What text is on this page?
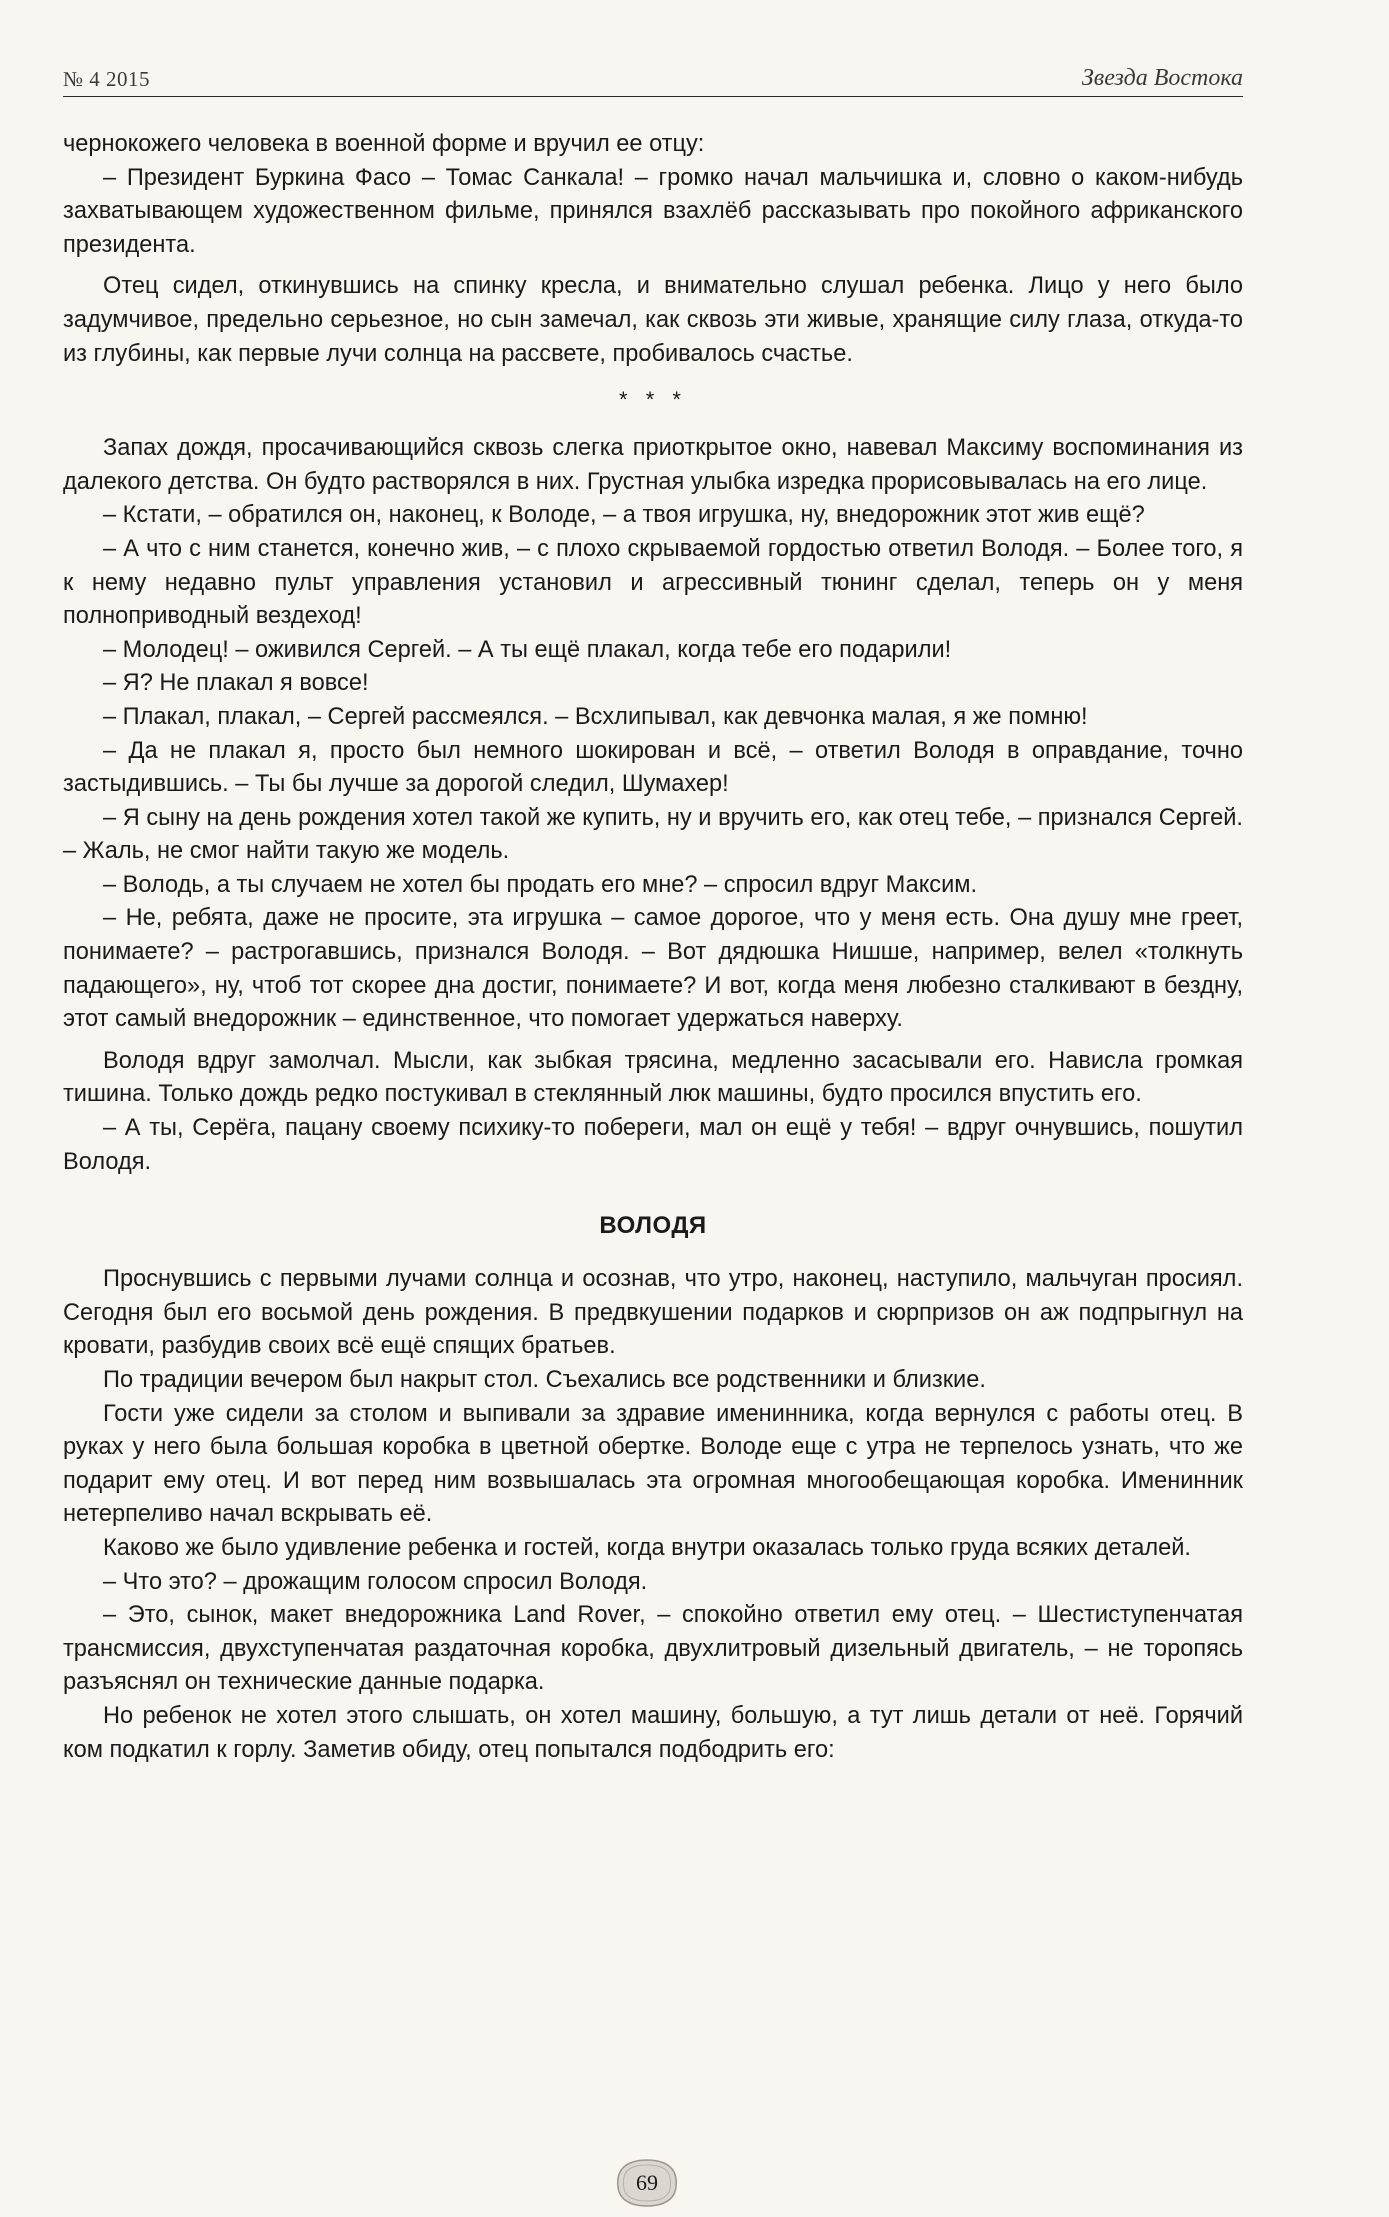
№ 4 2015	Звезда Востока

чернокожего человека в военной форме и вручил ее отцу:

– Президент Буркина Фасо – Томас Санкала! – громко начал мальчишка и, словно о каком-нибудь захватывающем художественном фильме, принялся взахлёб рассказывать про покойного африканского президента.

Отец сидел, откинувшись на спинку кресла, и внимательно слушал ребенка. Лицо у него было задумчивое, предельно серьезное, но сын замечал, как сквозь эти живые, хранящие силу глаза, откуда-то из глубины, как первые лучи солнца на рассвете, пробивалось счастье.

* * *

Запах дождя, просачивающийся сквозь слегка приоткрытое окно, навевал Максиму воспоминания из далекого детства. Он будто растворялся в них. Грустная улыбка изредка прорисовывалась на его лице.

– Кстати, – обратился он, наконец, к Володе, – а твоя игрушка, ну, внедорожник этот жив ещё?

– А что с ним станется, конечно жив, – с плохо скрываемой гордостью ответил Володя. – Более того, я к нему недавно пульт управления установил и агрессивный тюнинг сделал, теперь он у меня полноприводный вездеход!

– Молодец! – оживился Сергей. – А ты ещё плакал, когда тебе его подарили!

– Я? Не плакал я вовсе!

– Плакал, плакал, – Сергей рассмеялся. – Всхлипывал, как девчонка малая, я же помню!

– Да не плакал я, просто был немного шокирован и всё, – ответил Володя в оправдание, точно застыдившись. – Ты бы лучше за дорогой следил, Шумахер!

– Я сыну на день рождения хотел такой же купить, ну и вручить его, как отец тебе, – признался Сергей. – Жаль, не смог найти такую же модель.

– Володь, а ты случаем не хотел бы продать его мне? – спросил вдруг Максим.

– Не, ребята, даже не просите, эта игрушка – самое дорогое, что у меня есть. Она душу мне греет, понимаете? – растрогавшись, признался Володя. – Вот дядюшка Нишше, например, велел «толкнуть падающего», ну, чтоб тот скорее дна достиг, понимаете? И вот, когда меня любезно сталкивают в бездну, этот самый внедорожник – единственное, что помогает удержаться наверху.

Володя вдруг замолчал. Мысли, как зыбкая трясина, медленно засасывали его. Нависла громкая тишина. Только дождь редко постукивал в стеклянный люк машины, будто просился впустить его.

– А ты, Серёга, пацану своему психику-то побереги, мал он ещё у тебя! – вдруг очнувшись, пошутил Володя.

ВОЛОДЯ

Проснувшись с первыми лучами солнца и осознав, что утро, наконец, наступило, мальчуган просиял. Сегодня был его восьмой день рождения. В предвкушении подарков и сюрпризов он аж подпрыгнул на кровати, разбудив своих всё ещё спящих братьев.

По традиции вечером был накрыт стол. Съехались все родственники и близкие.

Гости уже сидели за столом и выпивали за здравие именинника, когда вернулся с работы отец. В руках у него была большая коробка в цветной обертке. Володе еще с утра не терпелось узнать, что же подарит ему отец. И вот перед ним возвышалась эта огромная многообещающая коробка. Именинник нетерпеливо начал вскрывать её.

Каково же было удивление ребенка и гостей, когда внутри оказалась только груда всяких деталей.

– Что это? – дрожащим голосом спросил Володя.

– Это, сынок, макет внедорожника Land Rover, – спокойно ответил ему отец. – Шестиступенчатая трансмиссия, двухступенчатая раздаточная коробка, двухлитровый дизельный двигатель, – не торопясь разъяснял он технические данные подарка.

Но ребенок не хотел этого слышать, он хотел машину, большую, а тут лишь детали от неё. Горячий ком подкатил к горлу. Заметив обиду, отец попытался подбодрить его:

69
